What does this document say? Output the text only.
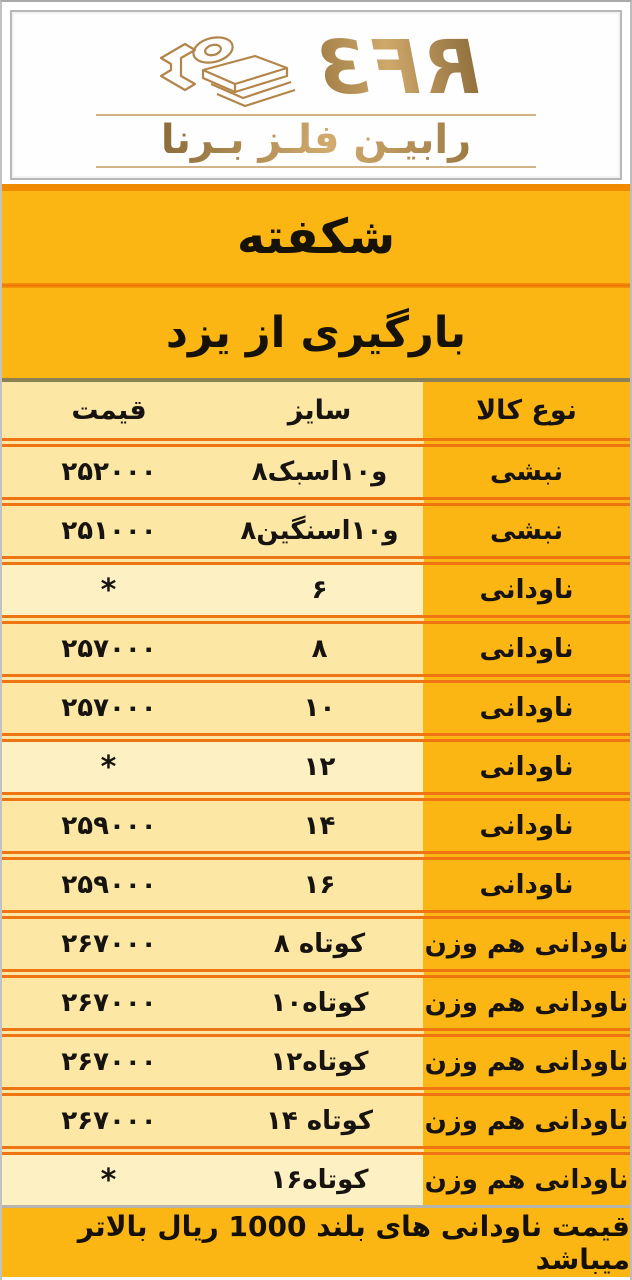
RF3
رابیـن فلـز بـرنا
شکفته
بارگیری از یزد
نوع کالا
سایز
قیمت
نبشی
۸و۱۰اسبک
۲۵۲۰۰۰
نبشی
۸و۱۰اسنگین
۲۵۱۰۰۰
ناودانی
۶
*
ناودانی
۸
۲۵۷۰۰۰
ناودانی
۱۰
۲۵۷۰۰۰
ناودانی
۱۲
*
ناودانی
۱۴
۲۵۹۰۰۰
ناودانی
۱۶
۲۵۹۰۰۰
ناودانی هم وزن
۸ کوتاه
۲۶۷۰۰۰
ناودانی هم وزن
۱۰کوتاه
۲۶۷۰۰۰
ناودانی هم وزن
۱۲کوتاه
۲۶۷۰۰۰
ناودانی هم وزن
۱۴ کوتاه
۲۶۷۰۰۰
ناودانی هم وزن
۱۶کوتاه
*
قیمت ناودانی های بلند 1000 ریال بالاتر میباشد
